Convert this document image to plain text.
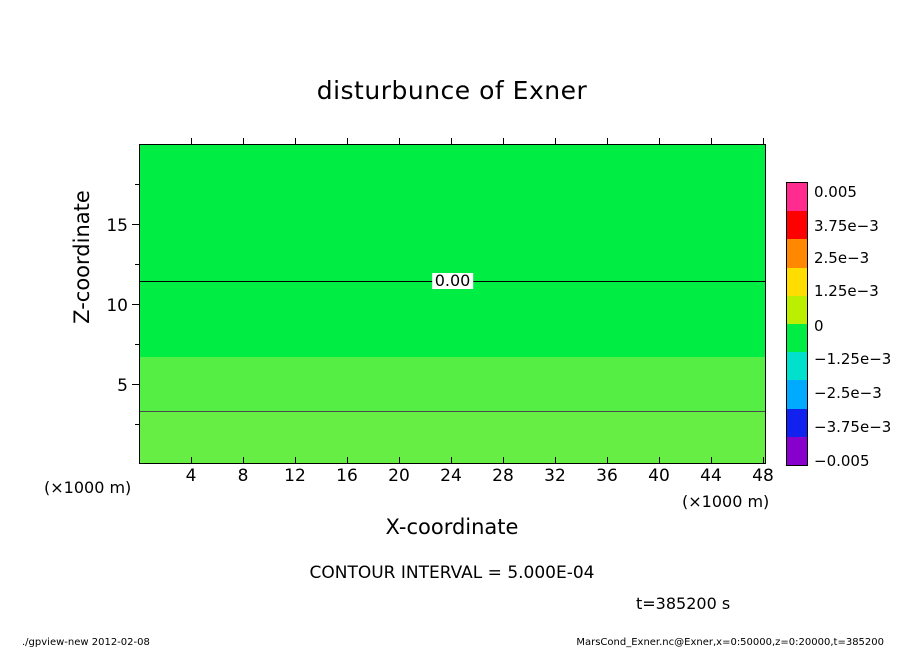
disturbunce of Exner
0.00
4	8	12	16	20	24	28	32	36	40	44	48
15
10
5
Z-coordinate
X-coordinate
(×1000 m)
(×1000 m)
0.005
3.75e−3
2.5e−3
1.25e−3
0
−1.25e−3
−2.5e−3
−3.75e−3
−0.005
CONTOUR INTERVAL = 5.000E-04
t=385200 s
./gpview-new 2012-02-08	MarsCond_Exner.nc@Exner,x=0:50000,z=0:20000,t=385200
